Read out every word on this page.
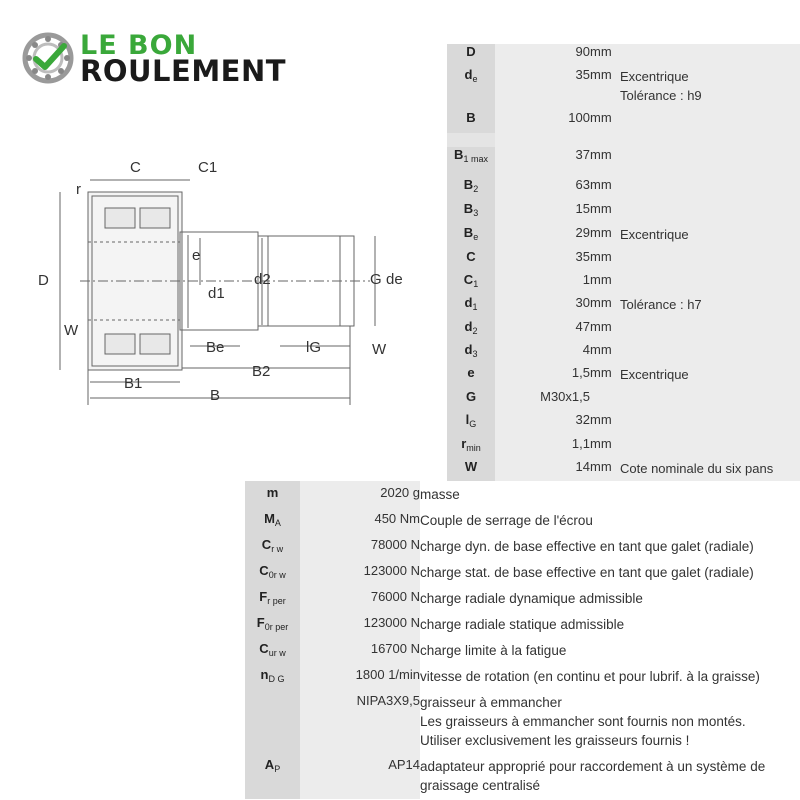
LE BON
ROULEMENT
C	C1
r
D
W
e
d1
d2	G de
Be	lG	W
B1
B2
B
D	90	mm	

$d_e$	35	mm	Excentrique
Tolérance : h9

B	100	mm	

$B_{1 max}$	37	mm	

$B_2$	63	mm	

$B_3$	15	mm	

$B_e$	29	mm	Excentrique

C	35	mm	

$C_1$	1	mm	

$d_1$	30	mm	Tolérance : h7

$d_2$	47	mm	

$d_3$	4	mm	

e	1,5	mm	Excentrique

G	M30x1,5		

$l_G$	32	mm	

$r_{min}$	1,1	mm	

W	14	mm	Cote nominale du six pans
m	2020 g	masse

$M_A$	450 Nm	Couple de serrage de l'écrou

$C_{r w}$	78000 N	charge dyn. de base effective en tant que galet (radiale)

$C_{0r w}$	123000 N	charge stat. de base effective en tant que galet (radiale)

$F_{r per}$	76000 N	charge radiale dynamique admissible

$F_{0r per}$	123000 N	charge radiale statique admissible

$C_{ur w}$	16700 N	charge limite à la fatigue

$n_{D G}$	1800 1/min	vitesse de rotation (en continu et pour lubrif. à la graisse)

	NIPA3X9,5	graisseur à emmancher
Les graisseurs à emmancher sont fournis non montés.
Utiliser exclusivement les graisseurs fournis !

$A_P$	AP14	adaptateur approprié pour raccordement à un système de
graissage centralisé
